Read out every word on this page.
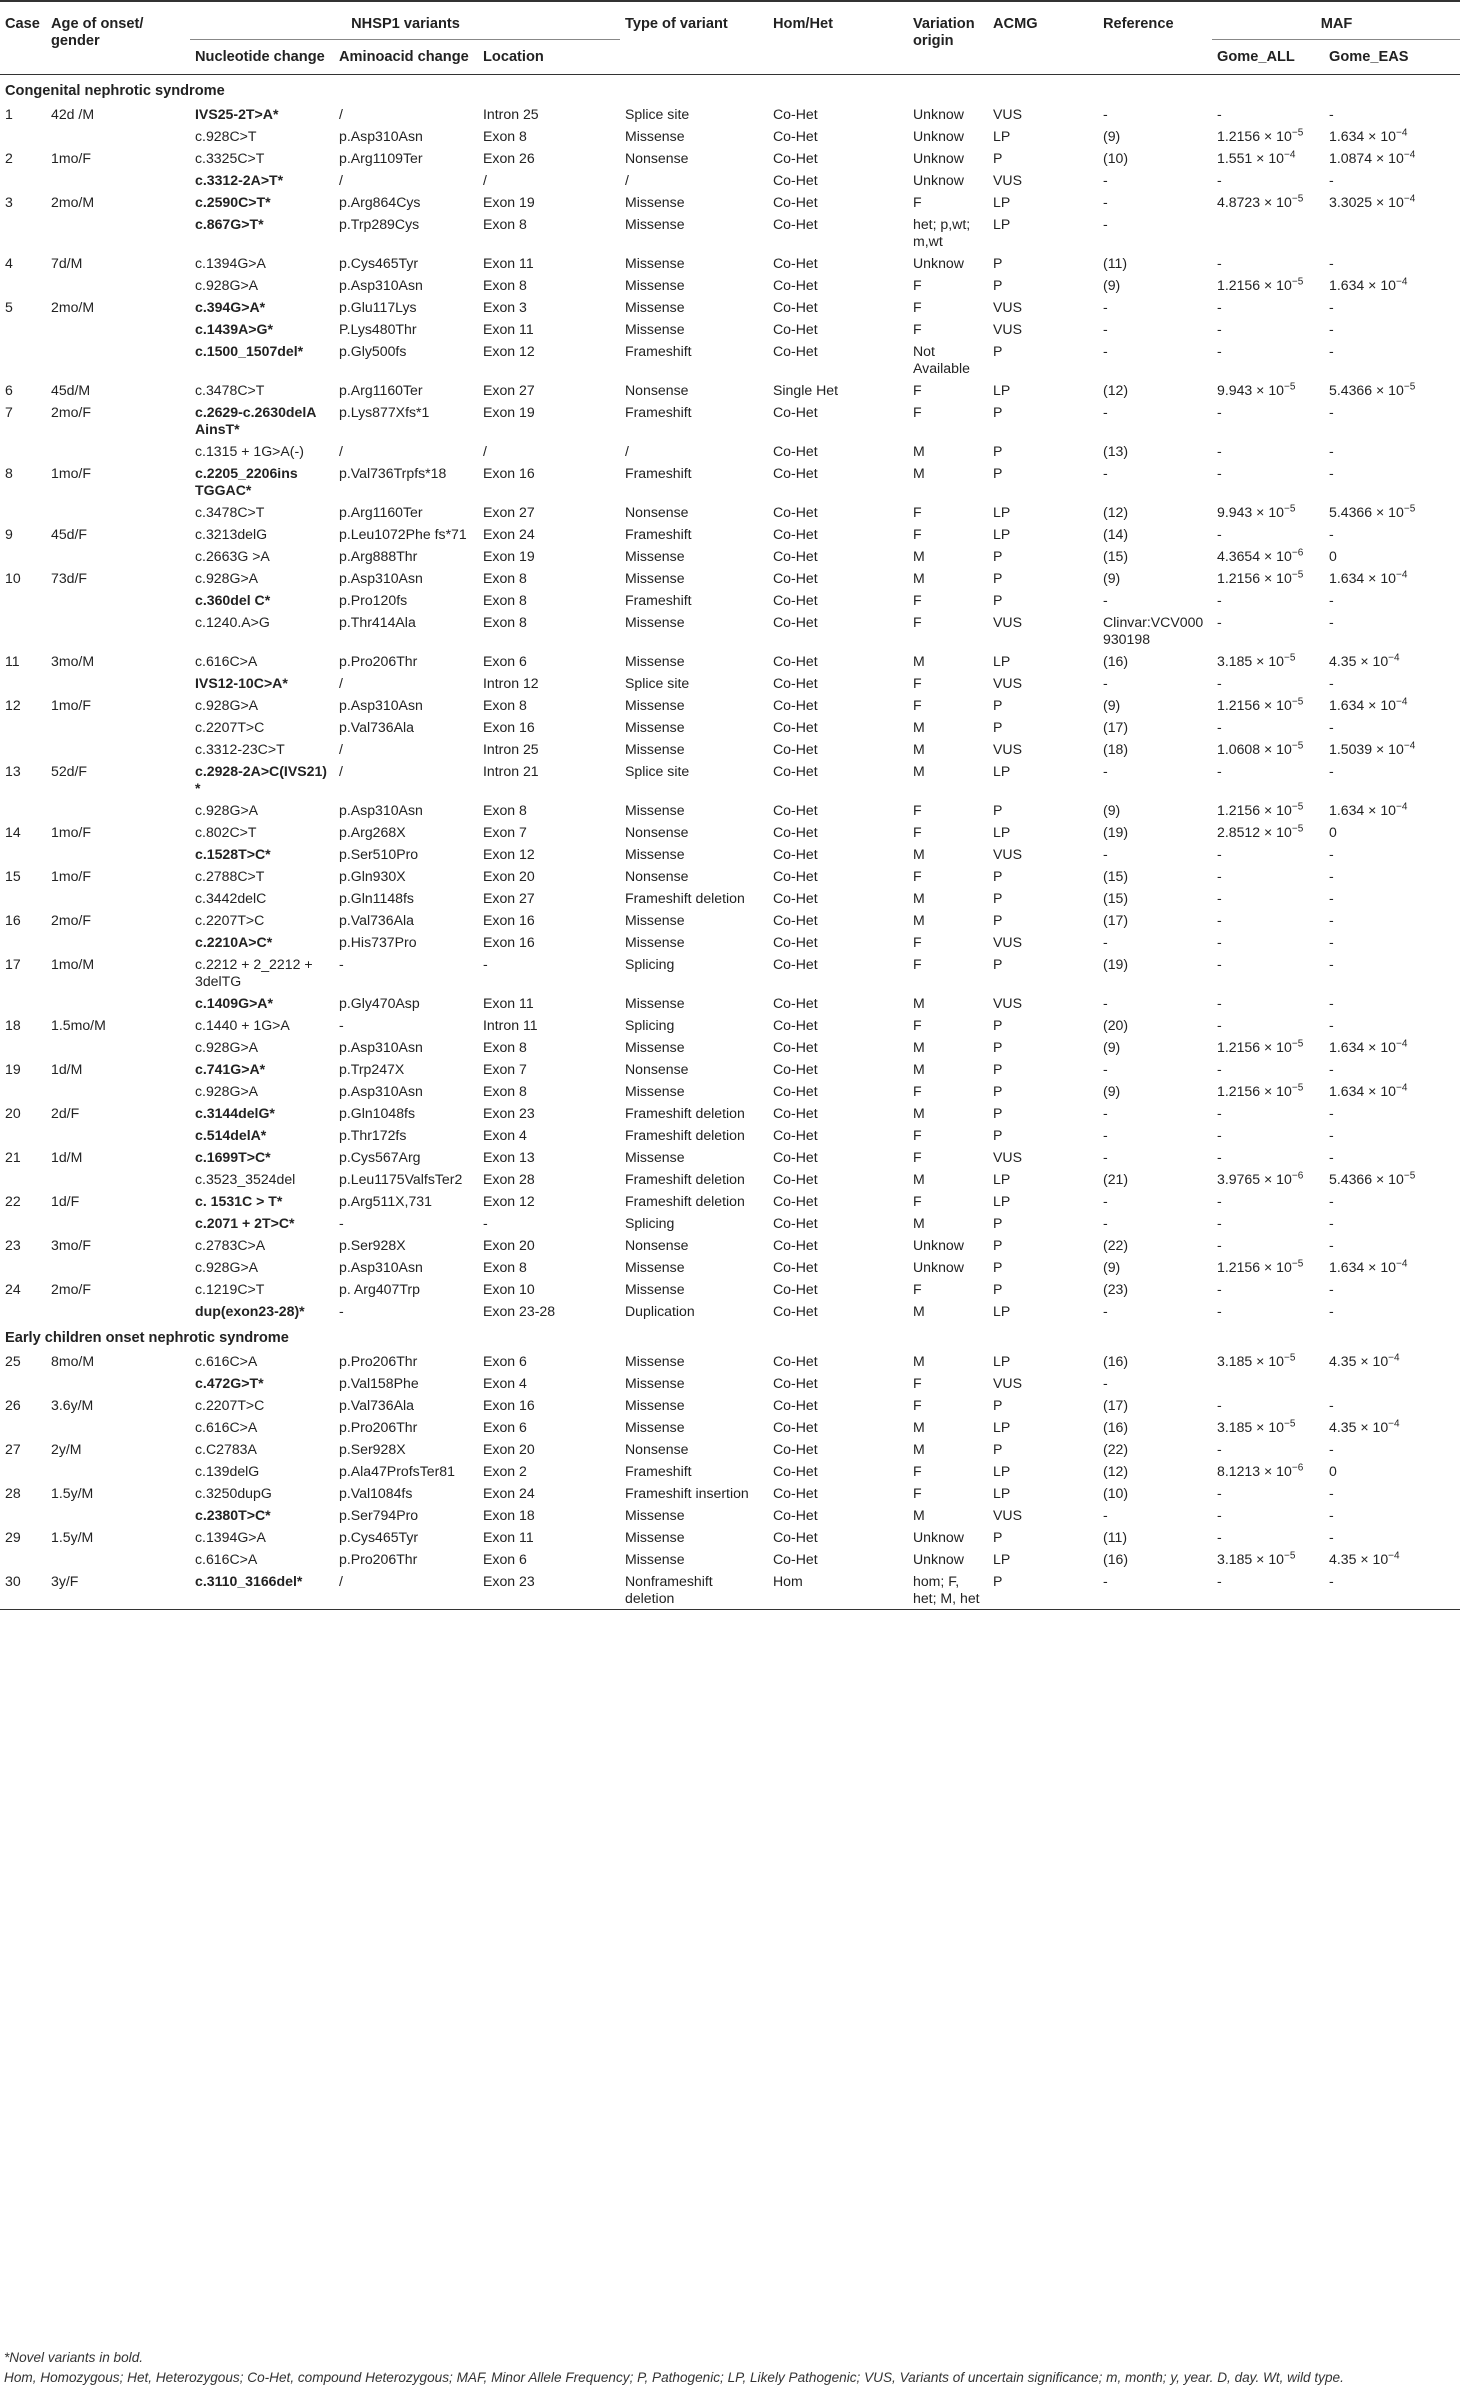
Case	Age of onset/ gender	NHSP1 variants			Type of variant	Hom/Het	Variation origin	ACMG	Reference	MAF	
		Nucleotide change	Aminoacid change	Location						Gome_ALL	Gome_EAS
Congenital nephrotic syndrome											
1	42d /M	IVS25-2T>A*	/	Intron 25	Splice site	Co-Het	Unknow	VUS	-	-	-
		c.928C>T	p.Asp310Asn	Exon 8	Missense	Co-Het	Unknow	LP	(9)	$1.2156 \times 10^{-5}$	$1.634 \times 10^{-4}$
2	1mo/F	c.3325C>T	p.Arg1109Ter	Exon 26	Nonsense	Co-Het	Unknow	P	(10)	$1.551 \times 10^{-4}$	$1.0874 \times 10^{-4}$
		c.3312-2A>T*	/	/	/	Co-Het	Unknow	VUS	-	-	-
3	2mo/M	c.2590C>T*	p.Arg864Cys	Exon 19	Missense	Co-Het	F	LP	-	$4.8723 \times 10^{-5}$	$3.3025 \times 10^{-4}$
		c.867G>T*	p.Trp289Cys	Exon 8	Missense	Co-Het	het; p,wt; m,wt	LP	-		
4	7d/M	c.1394G>A	p.Cys465Tyr	Exon 11	Missense	Co-Het	Unknow	P	(11)	-	-
		c.928G>A	p.Asp310Asn	Exon 8	Missense	Co-Het	F	P	(9)	$1.2156 \times 10^{-5}$	$1.634 \times 10^{-4}$
5	2mo/M	c.394G>A*	p.Glu117Lys	Exon 3	Missense	Co-Het	F	VUS	-	-	-
		c.1439A>G*	P.Lys480Thr	Exon 11	Missense	Co-Het	F	VUS	-	-	-
		c.1500_1507del*	p.Gly500fs	Exon 12	Frameshift	Co-Het	Not Available	P	-	-	-
6	45d/M	c.3478C>T	p.Arg1160Ter	Exon 27	Nonsense	Single Het	F	LP	(12)	$9.943 \times 10^{-5}$	$5.4366 \times 10^{-5}$
7	2mo/F	c.2629-c.2630delA AinsT*	p.Lys877Xfs*1	Exon 19	Frameshift	Co-Het	F	P	-	-	-
		c.1315 + 1G>A(-)	/	/	/	Co-Het	M	P	(13)	-	-
8	1mo/F	c.2205_2206ins TGGAC*	p.Val736Trpfs*18	Exon 16	Frameshift	Co-Het	M	P	-	-	-
		c.3478C>T	p.Arg1160Ter	Exon 27	Nonsense	Co-Het	F	LP	(12)	$9.943 \times 10^{-5}$	$5.4366 \times 10^{-5}$
9	45d/F	c.3213delG	p.Leu1072Phe fs*71	Exon 24	Frameshift	Co-Het	F	LP	(14)	-	-
		c.2663G >A	p.Arg888Thr	Exon 19	Missense	Co-Het	M	P	(15)	$4.3654 \times 10^{-6}$	0
10	73d/F	c.928G>A	p.Asp310Asn	Exon 8	Missense	Co-Het	M	P	(9)	$1.2156 \times 10^{-5}$	$1.634 \times 10^{-4}$
		c.360del C*	p.Pro120fs	Exon 8	Frameshift	Co-Het	F	P	-	-	-
		c.1240.A>G	p.Thr414Ala	Exon 8	Missense	Co-Het	F	VUS	Clinvar:VCV000930198	-	-
11	3mo/M	c.616C>A	p.Pro206Thr	Exon 6	Missense	Co-Het	M	LP	(16)	$3.185 \times 10^{-5}$	$4.35 \times 10^{-4}$
		IVS12-10C>A*	/	Intron 12	Splice site	Co-Het	F	VUS	-	-	-
12	1mo/F	c.928G>A	p.Asp310Asn	Exon 8	Missense	Co-Het	F	P	(9)	$1.2156 \times 10^{-5}$	$1.634 \times 10^{-4}$
		c.2207T>C	p.Val736Ala	Exon 16	Missense	Co-Het	M	P	(17)	-	-
		c.3312-23C>T	/	Intron 25	Missense	Co-Het	M	VUS	(18)	$1.0608 \times 10^{-5}$	$1.5039 \times 10^{-4}$
13	52d/F	c.2928-2A>C(IVS21) *	/	Intron 21	Splice site	Co-Het	M	LP	-	-	-
		c.928G>A	p.Asp310Asn	Exon 8	Missense	Co-Het	F	P	(9)	$1.2156 \times 10^{-5}$	$1.634 \times 10^{-4}$
14	1mo/F	c.802C>T	p.Arg268X	Exon 7	Nonsense	Co-Het	F	LP	(19)	$2.8512 \times 10^{-5}$	0
		c.1528T>C*	p.Ser510Pro	Exon 12	Missense	Co-Het	M	VUS	-	-	-
15	1mo/F	c.2788C>T	p.Gln930X	Exon 20	Nonsense	Co-Het	F	P	(15)	-	-
		c.3442delC	p.Gln1148fs	Exon 27	Frameshift deletion	Co-Het	M	P	(15)	-	-
16	2mo/F	c.2207T>C	p.Val736Ala	Exon 16	Missense	Co-Het	M	P	(17)	-	-
		c.2210A>C*	p.His737Pro	Exon 16	Missense	Co-Het	F	VUS	-	-	-
17	1mo/M	c.2212 + 2_2212 + 3delTG	-	-	Splicing	Co-Het	F	P	(19)	-	-
		c.1409G>A*	p.Gly470Asp	Exon 11	Missense	Co-Het	M	VUS	-	-	-
18	1.5mo/M	c.1440 + 1G>A	-	Intron 11	Splicing	Co-Het	F	P	(20)	-	-
		c.928G>A	p.Asp310Asn	Exon 8	Missense	Co-Het	M	P	(9)	$1.2156 \times 10^{-5}$	$1.634 \times 10^{-4}$
19	1d/M	c.741G>A*	p.Trp247X	Exon 7	Nonsense	Co-Het	M	P	-	-	-
		c.928G>A	p.Asp310Asn	Exon 8	Missense	Co-Het	F	P	(9)	$1.2156 \times 10^{-5}$	$1.634 \times 10^{-4}$
20	2d/F	c.3144delG*	p.Gln1048fs	Exon 23	Frameshift deletion	Co-Het	M	P	-	-	-
		c.514delA*	p.Thr172fs	Exon 4	Frameshift deletion	Co-Het	F	P	-	-	-
21	1d/M	c.1699T>C*	p.Cys567Arg	Exon 13	Missense	Co-Het	F	VUS	-	-	-
		c.3523_3524del	p.Leu1175ValfsTer2	Exon 28	Frameshift deletion	Co-Het	M	LP	(21)	$3.9765 \times 10^{-6}$	$5.4366 \times 10^{-5}$
22	1d/F	c. 1531C > T*	p.Arg511X,731	Exon 12	Frameshift deletion	Co-Het	F	LP	-	-	-
		c.2071 + 2T>C*	-	-	Splicing	Co-Het	M	P	-	-	-
23	3mo/F	c.2783C>A	p.Ser928X	Exon 20	Nonsense	Co-Het	Unknow	P	(22)	-	-
		c.928G>A	p.Asp310Asn	Exon 8	Missense	Co-Het	Unknow	P	(9)	$1.2156 \times 10^{-5}$	$1.634 \times 10^{-4}$
24	2mo/F	c.1219C>T	p. Arg407Trp	Exon 10	Missense	Co-Het	F	P	(23)	-	-
		dup(exon23-28)*	-	Exon 23-28	Duplication	Co-Het	M	LP	-	-	-
Early children onset nephrotic syndrome											
25	8mo/M	c.616C>A	p.Pro206Thr	Exon 6	Missense	Co-Het	M	LP	(16)	$3.185 \times 10^{-5}$	$4.35 \times 10^{-4}$
		c.472G>T*	p.Val158Phe	Exon 4	Missense	Co-Het	F	VUS	-		
26	3.6y/M	c.2207T>C	p.Val736Ala	Exon 16	Missense	Co-Het	F	P	(17)	-	-
		c.616C>A	p.Pro206Thr	Exon 6	Missense	Co-Het	M	LP	(16)	$3.185 \times 10^{-5}$	$4.35 \times 10^{-4}$
27	2y/M	c.C2783A	p.Ser928X	Exon 20	Nonsense	Co-Het	M	P	(22)	-	-
		c.139delG	p.Ala47ProfsTer81	Exon 2	Frameshift	Co-Het	F	LP	(12)	$8.1213 \times 10^{-6}$	0
28	1.5y/M	c.3250dupG	p.Val1084fs	Exon 24	Frameshift insertion	Co-Het	F	LP	(10)	-	-
		c.2380T>C*	p.Ser794Pro	Exon 18	Missense	Co-Het	M	VUS	-	-	-
29	1.5y/M	c.1394G>A	p.Cys465Tyr	Exon 11	Missense	Co-Het	Unknow	P	(11)	-	-
		c.616C>A	p.Pro206Thr	Exon 6	Missense	Co-Het	Unknow	LP	(16)	$3.185 \times 10^{-5}$	$4.35 \times 10^{-4}$
30	3y/F	c.3110_3166del*	/	Exon 23	Nonframeshift deletion	Hom	hom; F, het; M, het	P	-	-	-
*Novel variants in bold.
Hom, Homozygous; Het, Heterozygous; Co-Het, compound Heterozygous; MAF, Minor Allele Frequency; P, Pathogenic; LP, Likely Pathogenic; VUS, Variants of uncertain significance; m, month; y, year. D, day. Wt, wild type.
